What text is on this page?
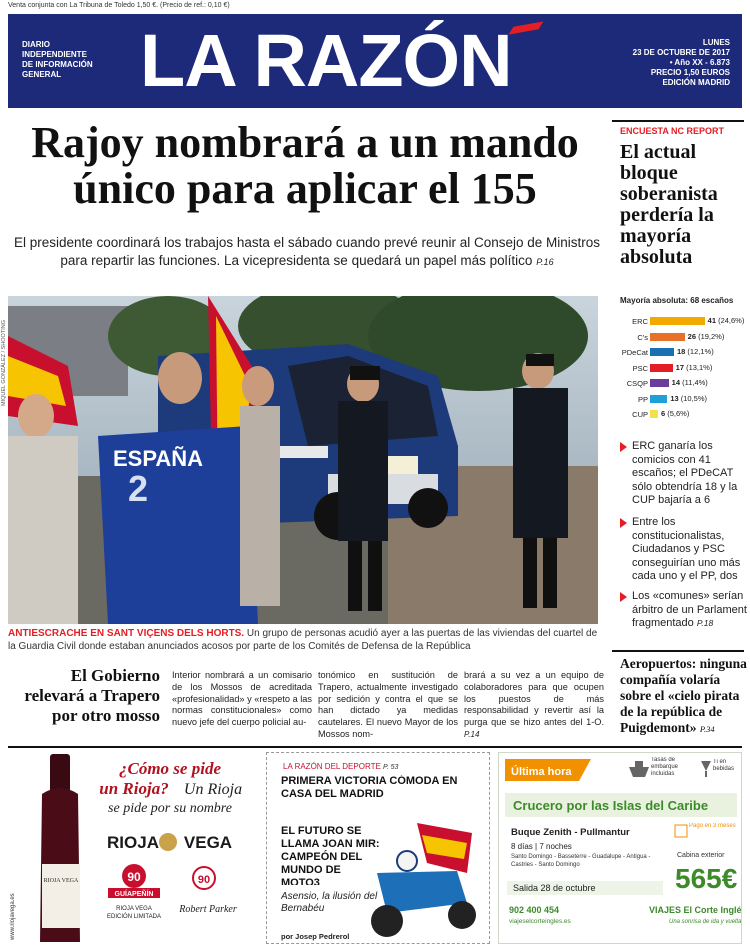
Venta conjunta con La Tribuna de Toledo 1,50 €. (Precio de ref.: 0,10 €)
DIARIO
INDEPENDIENTE
DE INFORMACIÓN
GENERAL	LA RAZÓN	LUNES
23 DE OCTUBRE DE 2017
• Año XX - 6.873
PRECIO 1,50 EUROS
EDICIÓN MADRID
Rajoy nombrará a un mando único para aplicar el 155

El presidente coordinará los trabajos hasta el sábado cuando prevé reunir al Consejo de Ministros para repartir las funciones. La vicepresidenta se quedará un papel más político P.16

MIQUEL GONZÁLEZ / SHOOTING
ESPAÑA
2

ANTIESCRACHE EN SANT VIÇENS DELS HORTS. Un grupo de personas acudió ayer a las puertas de las viviendas del cuartel de la Guardia Civil donde estaban anunciados acosos por parte de los Comités de Defensa de la República

El Gobierno relevará a Trapero por otro mosso

Interior nombrará a un comisario de los Mossos de acreditada «profesionalidad» y «respeto a las normas constitucionales» como nuevo jefe del cuerpo policial au-

tonómico en sustitución de Trapero, actualmente investigado por sedición y contra el que se han dictado ya medidas cautelares. El nuevo Mayor de los Mossos nom-

brará a su vez a un equipo de colaboradores para que ocupen los puestos de más responsabilidad y revertir así la purga que se hizo antes del 1-O. P.14

ENCUESTA NC REPORT
El actual bloque soberanista perdería la mayoría absoluta
Mayoría absoluta: 68 escaños
ERC	41 (24,6%)
C's	26 (19,2%)
PDeCat	18 (12,1%)
PSC	17 (13,1%)
CSQP	14 (11,4%)
PP	13 (10,5%)
CUP 6 (5,6%)
ERC ganaría los comicios con 41 escaños; el PDeCAT sólo obtendría 18 y la CUP bajaría a 6
Entre los constitucionalistas, Ciudadanos y PSC conseguirían uno más cada uno y el PP, dos
Los «comunes» serían árbitro de un Parlament fragmentado P.18
Aeropuertos: ninguna compañía volaría sobre el «cielo pirata de la república de Puigdemont» P.34
RIOJA VEGA
¿Cómo se pide
un Rioja? Un Rioja
se pide por su nombre
RIOJA VEGA
90
GUÍAPEÑÍN
RIOJA VEGA
EDICIÓN LIMITADA
90
Robert Parker
www.riojavega.es
LA RAZÓN DEL DEPORTE P. 53
PRIMERA VICTORIA CÓMODA EN CASA DEL MADRID
EL FUTURO SE LLAMA JOAN MIR: CAMPEÓN DEL MUNDO DE MOTO3
Asensio, la ilusión del Bernabéu
por Josep Pedrerol
Última hora
Tasas de embarque incluidas
Ti en bebidas
Crucero por las Islas del Caribe
Buque Zenith - Pullmantur
8 días | 7 noches
Santo Domingo - Basseterre - Guadalupe - Antigua - Castries - Santo Domingo
Pago en 3 meses
Cabina exterior
565€
Salida 28 de octubre
902 400 454
viajeselcorteingles.es
VIAJES El Corte Inglés
Una sonrisa de ida y vuelta
